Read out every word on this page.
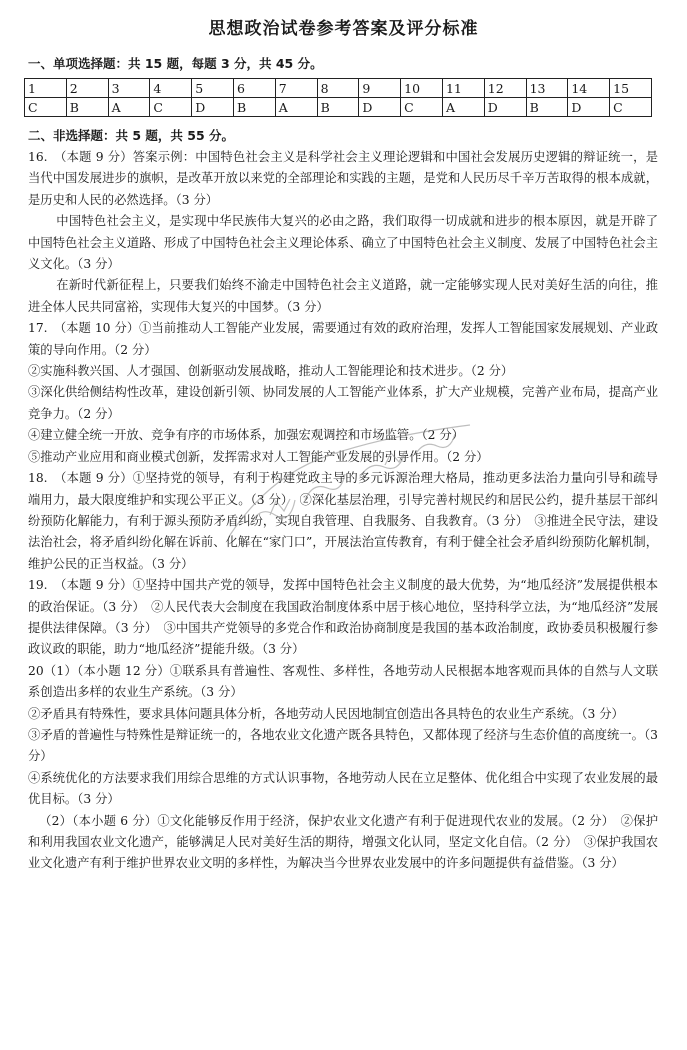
思想政治试卷参考答案及评分标准
一、单项选择题：共 15 题，每题 3 分，共 45 分。
1	2	3	4	5	6	7	8	9	10	11	12	13	14	15
C	B	A	C	D	B	A	B	D	C	A	D	B	D	C
二、非选择题：共 5 题，共 55 分。

16.　（本题 9 分）答案示例：中国特色社会主义是科学社会主义理论逻辑和中国社会发展历史逻辑的辩证统一，是当代中国发展进步的旗帜，是改革开放以来党的全部理论和实践的主题，是党和人民历尽千辛万苦取得的根本成就，是历史和人民的必然选择。（3 分）

中国特色社会主义，是实现中华民族伟大复兴的必由之路，我们取得一切成就和进步的根本原因，就是开辟了中国特色社会主义道路、形成了中国特色社会主义理论体系、确立了中国特色社会主义制度、发展了中国特色社会主义文化。（3 分）

在新时代新征程上，只要我们始终不渝走中国特色社会主义道路，就一定能够实现人民对美好生活的向往，推进全体人民共同富裕，实现伟大复兴的中国梦。（3 分）

17.　（本题 10 分）①当前推动人工智能产业发展，需要通过有效的政府治理，发挥人工智能国家发展规划、产业政策的导向作用。（2 分）

②实施科教兴国、人才强国、创新驱动发展战略，推动人工智能理论和技术进步。（2 分）

③深化供给侧结构性改革，建设创新引领、协同发展的人工智能产业体系，扩大产业规模，完善产业布局，提高产业竞争力。（2 分）

④建立健全统一开放、竞争有序的市场体系，加强宏观调控和市场监管。（2 分）

⑤推动产业应用和商业模式创新，发挥需求对人工智能产业发展的引导作用。（2 分）

18.　（本题 9 分）①坚持党的领导，有利于构建党政主导的多元诉源治理大格局，推动更多法治力量向引导和疏导端用力，最大限度维护和实现公平正义。（3 分）　②深化基层治理，引导完善村规民约和居民公约，提升基层干部纠纷预防化解能力，有利于源头预防矛盾纠纷，实现自我管理、自我服务、自我教育。（3 分）　③推进全民守法，建设法治社会，将矛盾纠纷化解在诉前、化解在“家门口”，开展法治宣传教育，有利于健全社会矛盾纠纷预防化解机制，维护公民的正当权益。（3 分）

19.　（本题 9 分）①坚持中国共产党的领导，发挥中国特色社会主义制度的最大优势，为“地瓜经济”发展提供根本的政治保证。（3 分）　②人民代表大会制度在我国政治制度体系中居于核心地位，坚持科学立法，为“地瓜经济”发展提供法律保障。（3 分）　③中国共产党领导的多党合作和政治协商制度是我国的基本政治制度，政协委员积极履行参政议政的职能，助力“地瓜经济”提能升级。（3 分）

20（1）（本小题 12 分）①联系具有普遍性、客观性、多样性，各地劳动人民根据本地客观而具体的自然与人文联系创造出多样的农业生产系统。（3 分）

②矛盾具有特殊性，要求具体问题具体分析，各地劳动人民因地制宜创造出各具特色的农业生产系统。（3 分）

③矛盾的普遍性与特殊性是辩证统一的，各地农业文化遗产既各具特色，又都体现了经济与生态价值的高度统一。（3 分）

④系统优化的方法要求我们用综合思维的方式认识事物，各地劳动人民在立足整体、优化组合中实现了农业发展的最优目标。（3 分）

（2）（本小题 6 分）①文化能够反作用于经济，保护农业文化遗产有利于促进现代农业的发展。（2 分）　②保护和利用我国农业文化遗产，能够满足人民对美好生活的期待，增强文化认同，坚定文化自信。（2 分）　③保护我国农业文化遗产有利于维护世界农业文明的多样性，为解决当今世界农业发展中的许多问题提供有益借鉴。（3 分）
